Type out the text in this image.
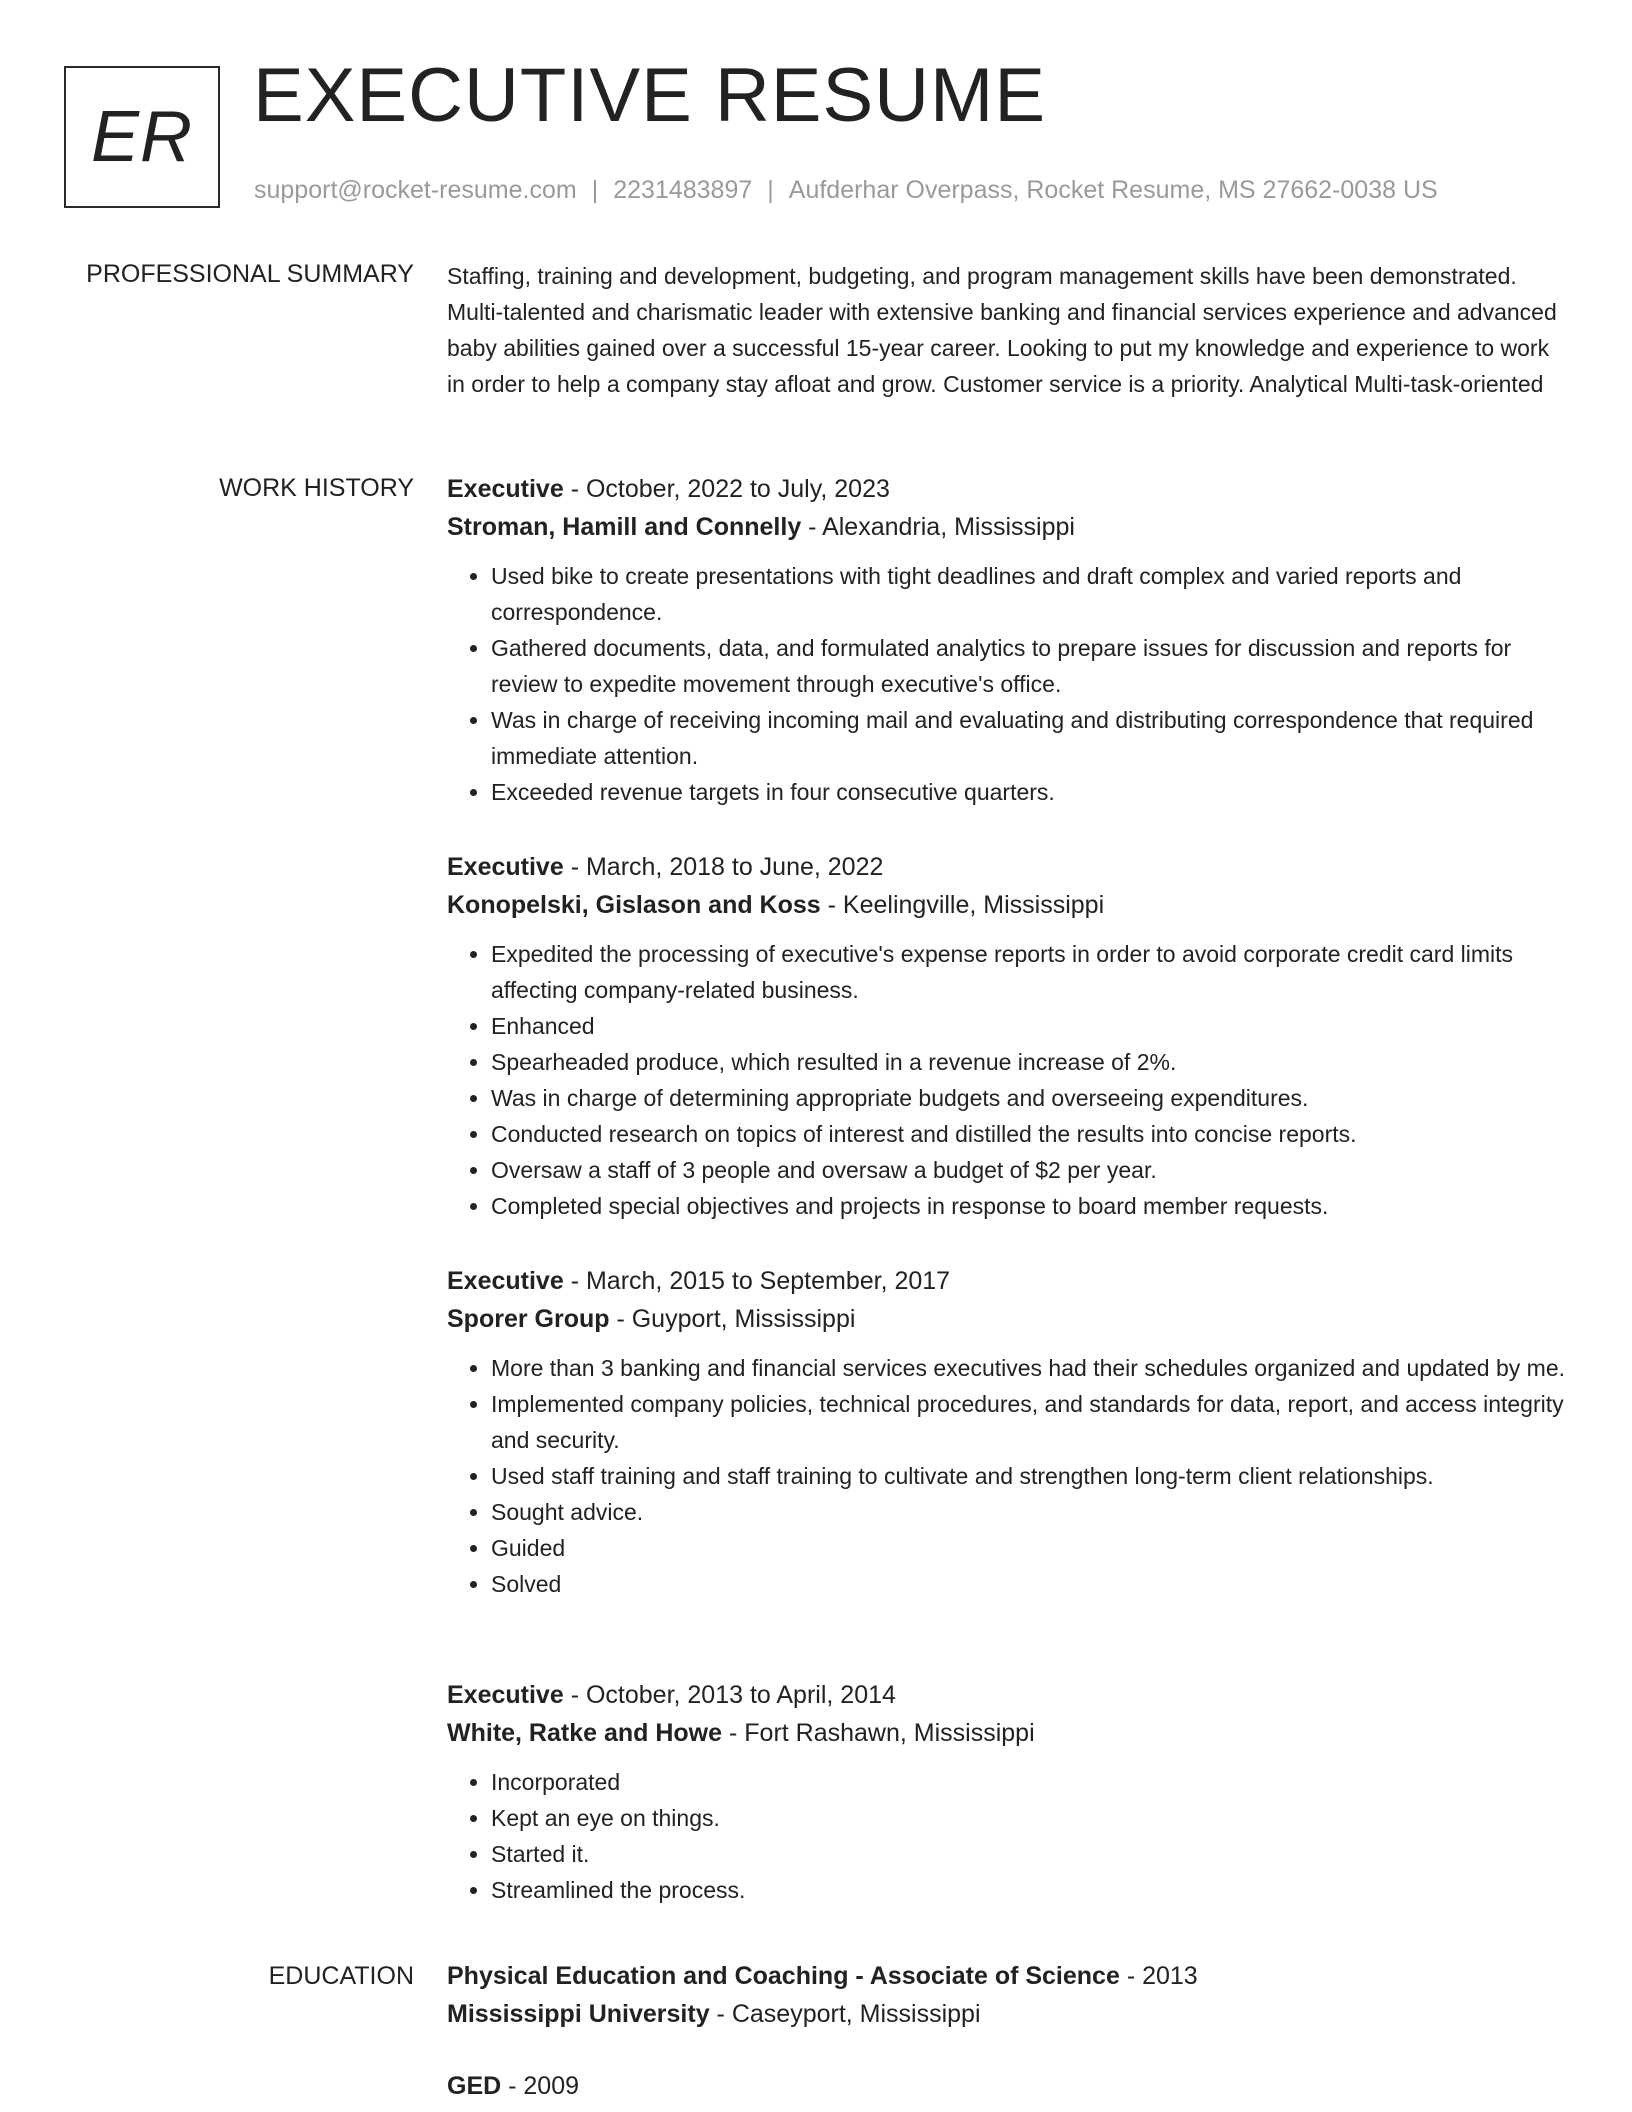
ER EXECUTIVE RESUME
support@rocket-resume.com | 2231483897 | Aufderhar Overpass, Rocket Resume, MS 27662-0038 US
PROFESSIONAL SUMMARY Staffing, training and development, budgeting, and program management skills have been demonstrated. Multi-talented and charismatic leader with extensive banking and financial services experience and advanced baby abilities gained over a successful 15-year career. Looking to put my knowledge and experience to work in order to help a company stay afloat and grow. Customer service is a priority. Analytical Multi-task-oriented
WORK HISTORY Executive - October, 2022 to July, 2023
Stroman, Hamill and Connelly - Alexandria, Mississippi
• Used bike to create presentations with tight deadlines and draft complex and varied reports and correspondence.
• Gathered documents, data, and formulated analytics to prepare issues for discussion and reports for review to expedite movement through executive's office.
• Was in charge of receiving incoming mail and evaluating and distributing correspondence that required immediate attention.
• Exceeded revenue targets in four consecutive quarters.
Executive - March, 2018 to June, 2022
Konopelski, Gislason and Koss - Keelingville, Mississippi
• Expedited the processing of executive's expense reports in order to avoid corporate credit card limits affecting company-related business.
• Enhanced
• Spearheaded produce, which resulted in a revenue increase of 2%.
• Was in charge of determining appropriate budgets and overseeing expenditures.
• Conducted research on topics of interest and distilled the results into concise reports.
• Oversaw a staff of 3 people and oversaw a budget of $2 per year.
• Completed special objectives and projects in response to board member requests.
Executive - March, 2015 to September, 2017
Sporer Group - Guyport, Mississippi
• More than 3 banking and financial services executives had their schedules organized and updated by me.
• Implemented company policies, technical procedures, and standards for data, report, and access integrity and security.
• Used staff training and staff training to cultivate and strengthen long-term client relationships.
• Sought advice.
• Guided
• Solved
Executive - October, 2013 to April, 2014
White, Ratke and Howe - Fort Rashawn, Mississippi
• Incorporated
• Kept an eye on things.
• Started it.
• Streamlined the process.
EDUCATION Physical Education and Coaching - Associate of Science - 2013
Mississippi University - Caseyport, Mississippi
GED - 2009
